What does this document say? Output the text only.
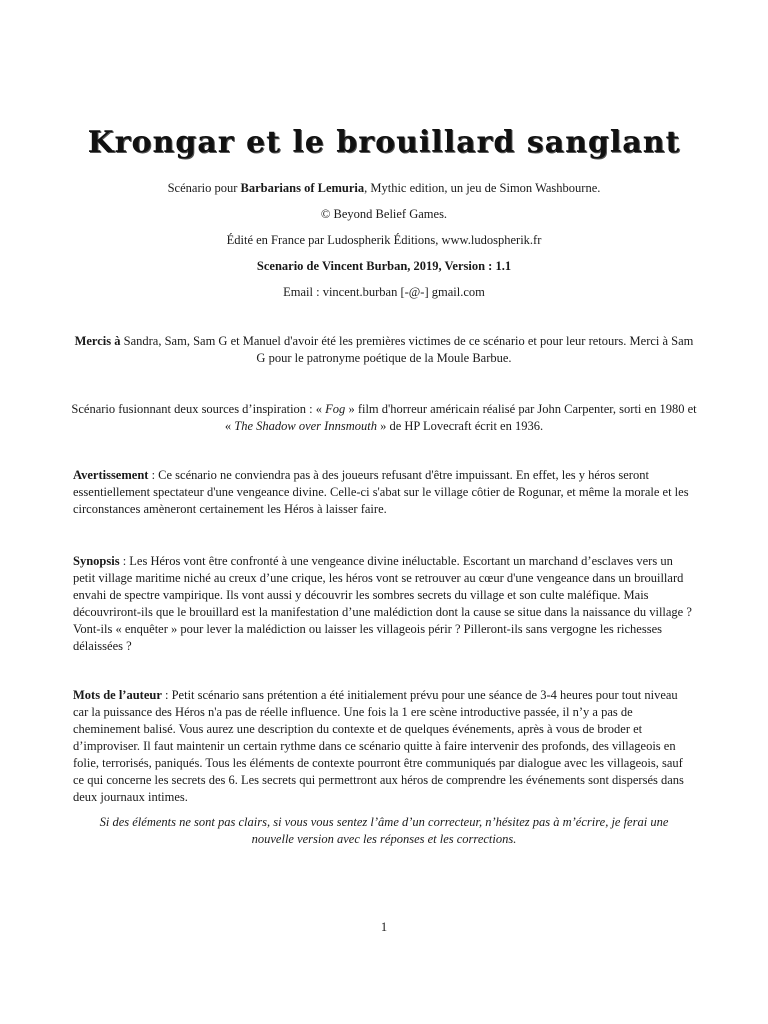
Krongar et le brouillard sanglant

Scénario pour Barbarians of Lemuria, Mythic edition, un jeu de Simon Washbourne.

© Beyond Belief Games.

Édité en France par Ludospherik Éditions, www.ludospherik.fr

Scenario de Vincent Burban, 2019, Version : 1.1

Email : vincent.burban [-@-] gmail.com

Mercis à Sandra, Sam, Sam G et Manuel d'avoir été les premières victimes de ce scénario et pour leur retours. Merci à Sam G pour le patronyme poétique de la Moule Barbue.

Scénario fusionnant deux sources d’inspiration : « Fog » film d'horreur américain réalisé par John Carpenter, sorti en 1980 et « The Shadow over Innsmouth » de HP Lovecraft écrit en 1936.

Avertissement : Ce scénario ne conviendra pas à des joueurs refusant d'être impuissant. En effet, les y héros seront essentiellement spectateur d'une vengeance divine. Celle-ci s'abat sur le village côtier de Rogunar, et même la morale et les circonstances amèneront certainement les Héros à laisser faire.

Synopsis : Les Héros vont être confronté à une vengeance divine inéluctable. Escortant un marchand d’esclaves vers un petit village maritime niché au creux d’une crique, les héros vont se retrouver au cœur d'une vengeance dans un brouillard envahi de spectre vampirique. Ils vont aussi y découvrir les sombres secrets du village et son culte maléfique. Mais découvriront-ils que le brouillard est la manifestation d’une malédiction dont la cause se situe dans la naissance du village ? Vont-ils « enquêter » pour lever la malédiction ou laisser les villageois périr ? Pilleront-ils sans vergogne les richesses délaissées ?

Mots de l’auteur : Petit scénario sans prétention a été initialement prévu pour une séance de 3-4 heures pour tout niveau car la puissance des Héros n'a pas de réelle influence. Une fois la 1 ere scène introductive passée, il n’y a pas de cheminement balisé. Vous aurez une description du contexte et de quelques événements, après à vous de broder et d’improviser. Il faut maintenir un certain rythme dans ce scénario quitte à faire intervenir des profonds, des villageois en folie, terrorisés, paniqués. Tous les éléments de contexte pourront être communiqués par dialogue avec les villageois, sauf ce qui concerne les secrets des 6. Les secrets qui permettront aux héros de comprendre les événements sont dispersés dans deux journaux intimes.

Si des éléments ne sont pas clairs, si vous vous sentez l’âme d’un correcteur, n’hésitez pas à m’écrire, je ferai une nouvelle version avec les réponses et les corrections.

1
